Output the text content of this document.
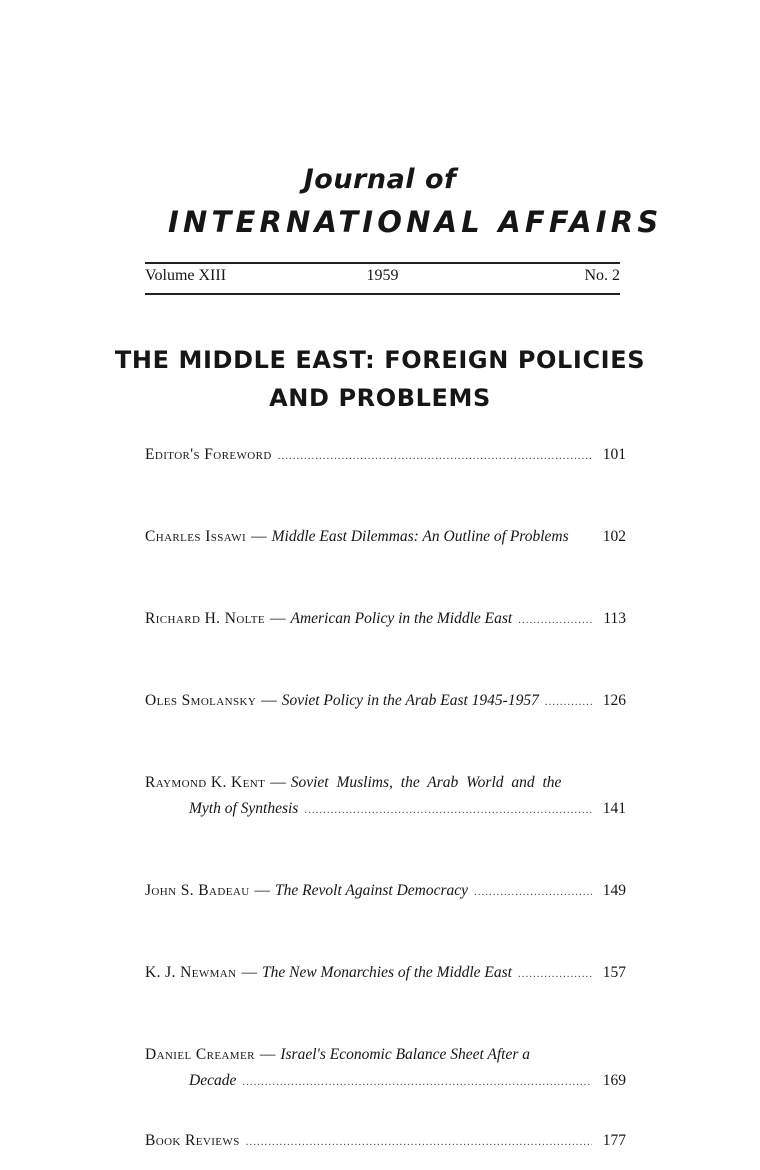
Journal of
INTERNATIONAL AFFAIRS
Volume XIII	1959	No. 2
THE MIDDLE EAST: FOREIGN POLICIES
AND PROBLEMS
Editor's Foreword .....	101
Charles Issawi — Middle East Dilemmas: An Outline of Problems	102
Richard H. Nolte — American Policy in the Middle East .....	113
Oles Smolansky — Soviet Policy in the Arab East 1945-1957 .....	126
Raymond K. Kent — Soviet Muslims, the Arab World and the
Myth of Synthesis .....	141
John S. Badeau — The Revolt Against Democracy .....	149
K. J. Newman — The New Monarchies of the Middle East .....	157
Daniel Creamer — Israel's Economic Balance Sheet After a
Decade .....	169
Book Reviews .....	177
